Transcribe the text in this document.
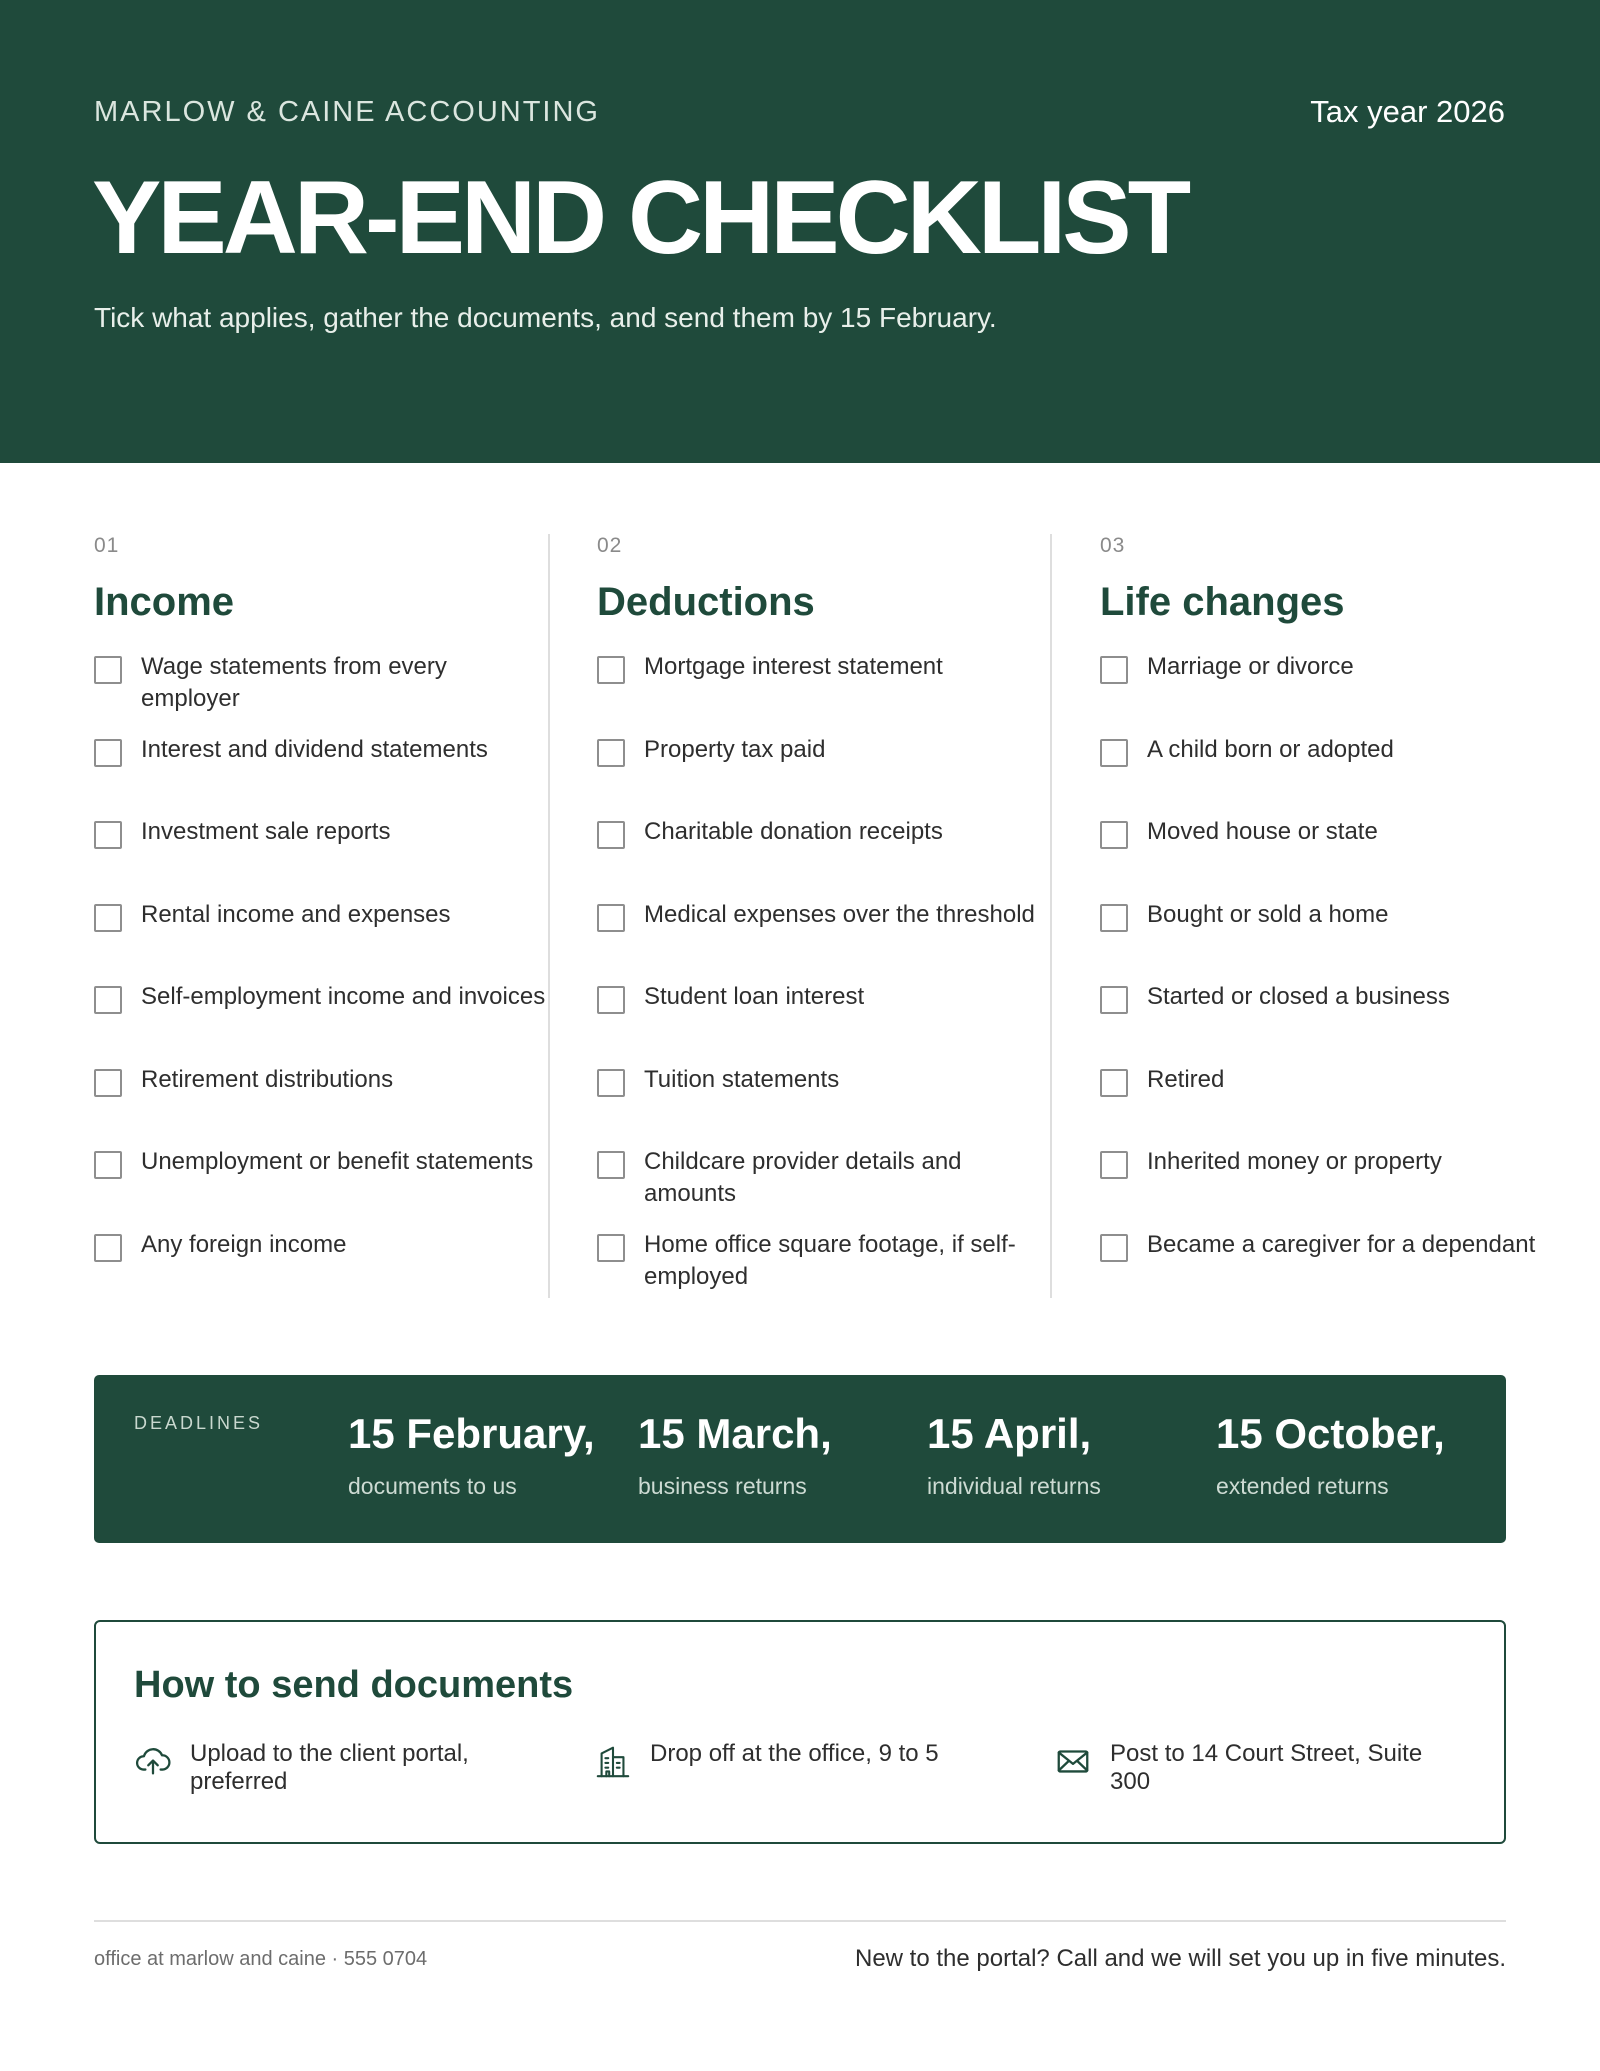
MARLOW & CAINE ACCOUNTING	Tax year 2026
YEAR-END CHECKLIST
Tick what applies, gather the documents, and send them by 15 February.
01
Income
Wage statements from every employer
Interest and dividend statements
Investment sale reports
Rental income and expenses
Self-employment income and invoices
Retirement distributions
Unemployment or benefit statements
Any foreign income
02
Deductions
Mortgage interest statement
Property tax paid
Charitable donation receipts
Medical expenses over the threshold
Student loan interest
Tuition statements
Childcare provider details and amounts
Home office square footage, if self-employed
03
Life changes
Marriage or divorce
A child born or adopted
Moved house or state
Bought or sold a home
Started or closed a business
Retired
Inherited money or property
Became a caregiver for a dependant
DEADLINES 15 February,
documents to us
15 March,
business returns
15 April,
individual returns
15 October,
extended returns
How to send documents
Upload to the client portal, preferred
Drop off at the office, 9 to 5	Post to 14 Court Street, Suite 300
office at marlow and caine · 555 0704	New to the portal? Call and we will set you up in five minutes.
